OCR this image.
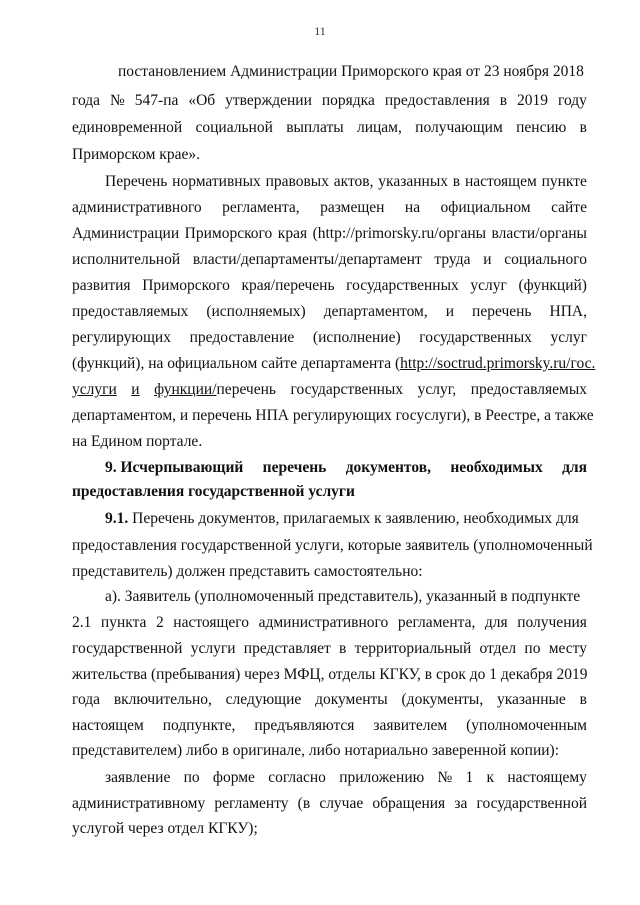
11
постановлением Администрации Приморского края от 23 ноября 2018
года № 547-па «Об утверждении порядка предоставления в 2019 году
единовременной социальной выплаты лицам, получающим пенсию в
Приморском крае».
Перечень нормативных правовых актов, указанных в настоящем пункте
административного регламента, размещен на официальном сайте
Администрации Приморского края (http://primorsky.ru/органы власти/органы
исполнительной власти/департаменты/департамент труда и социального
развития Приморского края/перечень государственных услуг (функций)
предоставляемых (исполняемых) департаментом, и перечень НПА,
регулирующих предоставление (исполнение) государственных услуг
(функций), на официальном сайте департамента (http://soctrud.primorsky.ru/гос.
услуги и функции/перечень государственных услуг, предоставляемых
департаментом, и перечень НПА регулирующих госуслуги), в Реестре, а также
на Едином портале.
9. Исчерпывающий перечень документов, необходимых для
предоставления государственной услуги
9.1. Перечень документов, прилагаемых к заявлению, необходимых для
предоставления государственной услуги, которые заявитель (уполномоченный
представитель) должен представить самостоятельно:
а). Заявитель (уполномоченный представитель), указанный в подпункте
2.1 пункта 2 настоящего административного регламента, для получения
государственной услуги представляет в территориальный отдел по месту
жительства (пребывания) через МФЦ, отделы КГКУ, в срок до 1 декабря 2019
года включительно, следующие документы (документы, указанные в
настоящем подпункте, предъявляются заявителем (уполномоченным
представителем) либо в оригинале, либо нотариально заверенной копии):
заявление по форме согласно приложению № 1 к настоящему
административному регламенту (в случае обращения за государственной
услугой через отдел КГКУ);
